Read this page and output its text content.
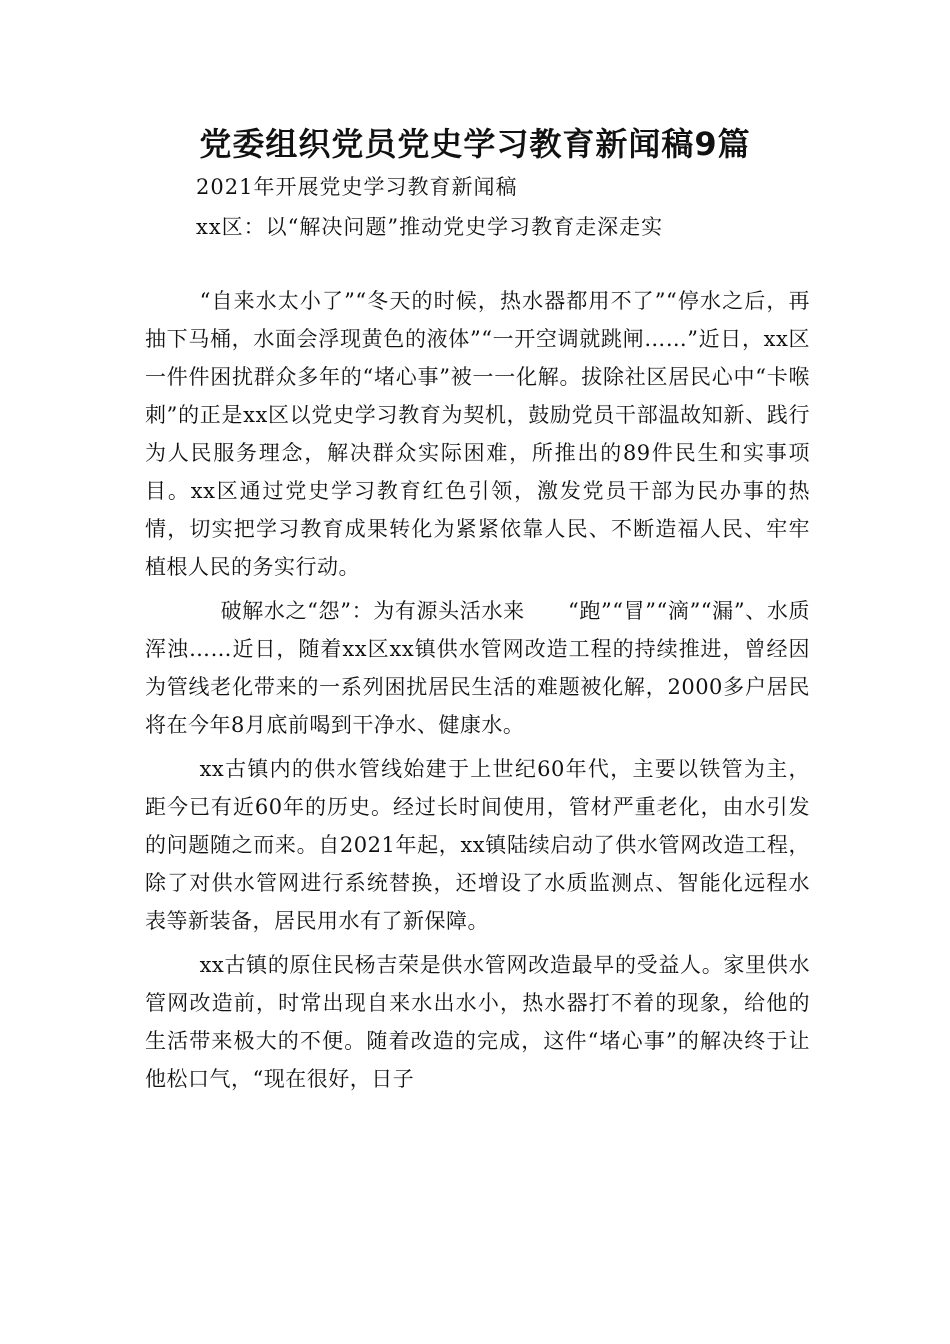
党委组织党员党史学习教育新闻稿9篇
2021年开展党史学习教育新闻稿
xx区：以“解决问题”推动党史学习教育走深走实

“自来水太小了”“冬天的时候，热水器都用不了”“停水之后，再抽下马桶，水面会浮现黄色的液体”“一开空调就跳闸……”近日，xx区一件件困扰群众多年的“堵心事”被一一化解。拔除社区居民心中“卡喉刺”的正是xx区以党史学习教育为契机，鼓励党员干部温故知新、践行为人民服务理念，解决群众实际困难，所推出的89件民生和实事项目。xx区通过党史学习教育红色引领，激发党员干部为民办事的热情，切实把学习教育成果转化为紧紧依靠人民、不断造福人民、牢牢植根人民的务实行动。

破解水之“怨”：为有源头活水来　　“跑”“冒”“滴”“漏”、水质浑浊……近日，随着xx区xx镇供水管网改造工程的持续推进，曾经因为管线老化带来的一系列困扰居民生活的难题被化解，2000多户居民将在今年8月底前喝到干净水、健康水。

xx古镇内的供水管线始建于上世纪60年代，主要以铁管为主，距今已有近60年的历史。经过长时间使用，管材严重老化，由水引发的问题随之而来。自2021年起，xx镇陆续启动了供水管网改造工程，除了对供水管网进行系统替换，还增设了水质监测点、智能化远程水表等新装备，居民用水有了新保障。

xx古镇的原住民杨吉荣是供水管网改造最早的受益人。家里供水管网改造前，时常出现自来水出水小，热水器打不着的现象，给他的生活带来极大的不便。随着改造的完成，这件“堵心事”的解决终于让他松口气，“现在很好，日子
